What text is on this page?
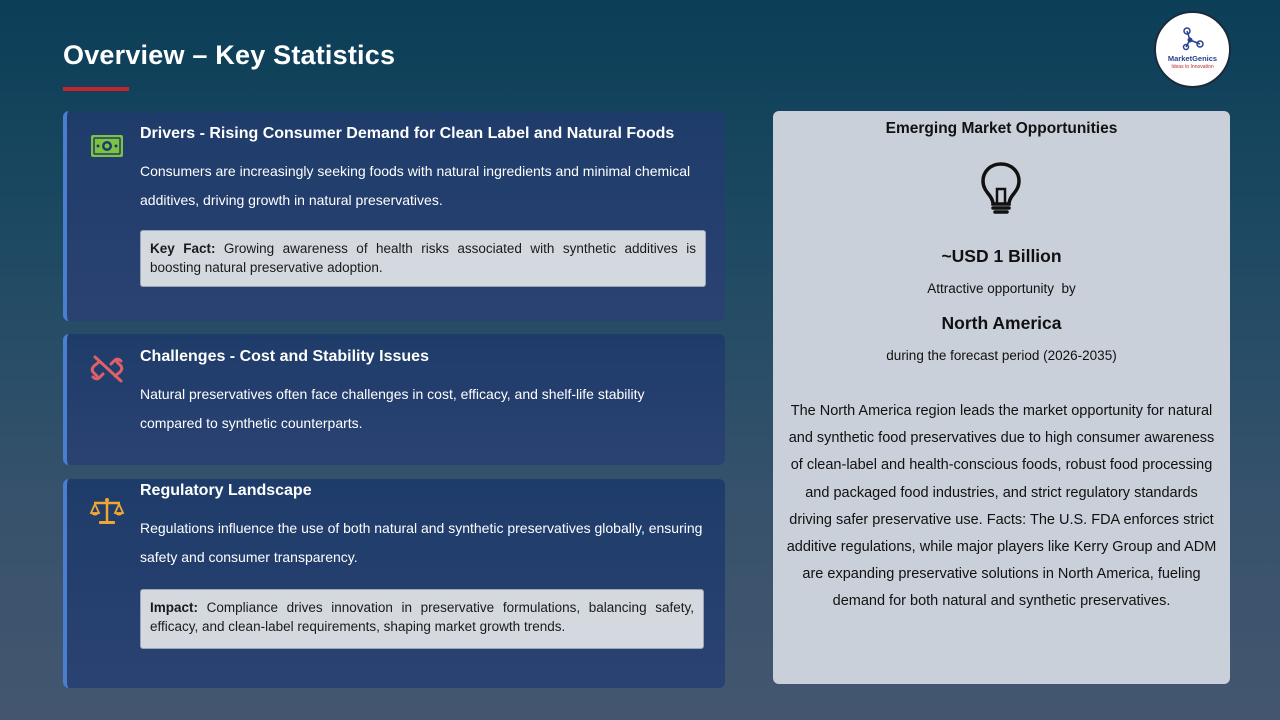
Overview – Key Statistics	MarketGenics
Ideas to Innovation
Drivers - Rising Consumer Demand for Clean Label and Natural Foods
Consumers are increasingly seeking foods with natural ingredients and minimal chemical additives, driving growth in natural preservatives.
Key Fact: Growing awareness of health risks associated with synthetic additives is boosting natural preservative adoption.
Challenges - Cost and Stability Issues
Natural preservatives often face challenges in cost, efficacy, and shelf-life stability compared to synthetic counterparts.
Regulatory Landscape
Regulations influence the use of both natural and synthetic preservatives globally, ensuring safety and consumer transparency.
Impact: Compliance drives innovation in preservative formulations, balancing safety, efficacy, and clean-label requirements, shaping market growth trends.
Emerging Market Opportunities
~USD 1 Billion
Attractive opportunity  by
North America
during the forecast period (2026-2035)
The North America region leads the market opportunity for natural and synthetic food preservatives due to high consumer awareness of clean-label and health-conscious foods, robust food processing and packaged food industries, and strict regulatory standards driving safer preservative use. Facts: The U.S. FDA enforces strict additive regulations, while major players like Kerry Group and ADM are expanding preservative solutions in North America, fueling demand for both natural and synthetic preservatives.
